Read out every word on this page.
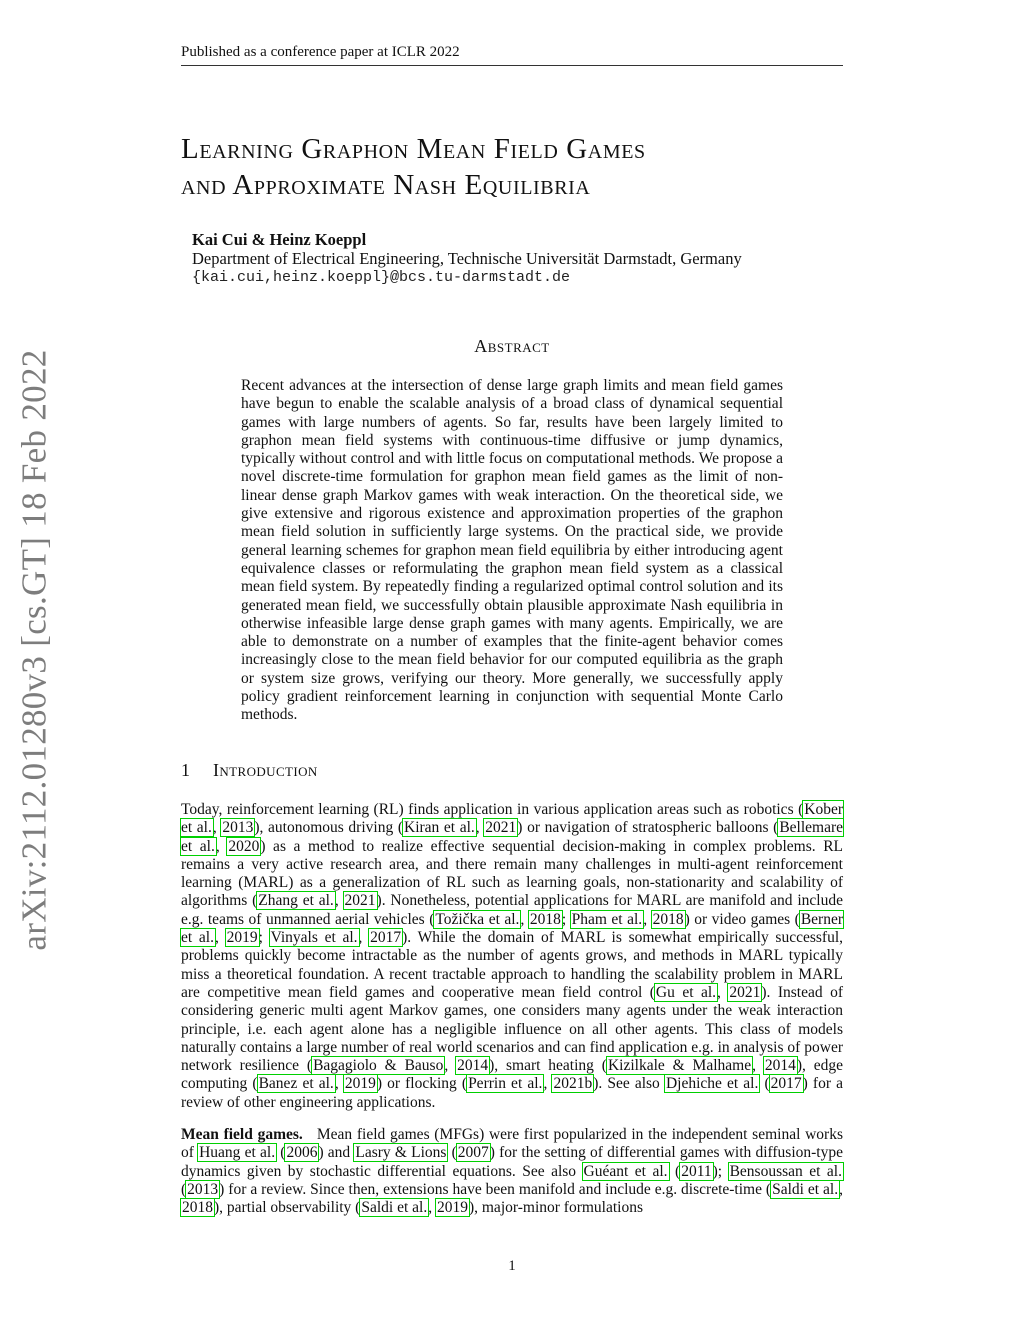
Published as a conference paper at ICLR 2022
arXiv:2112.01280v3 [cs.GT] 18 Feb 2022
Learning Graphon Mean Field Games
and Approximate Nash Equilibria
Kai Cui & Heinz Koeppl
Department of Electrical Engineering, Technische Universität Darmstadt, Germany
{kai.cui,heinz.koeppl}@bcs.tu-darmstadt.de
Abstract
Recent advances at the intersection of dense large graph limits and mean field games have begun to enable the scalable analysis of a broad class of dynamical sequential games with large numbers of agents. So far, results have been largely limited to graphon mean field systems with continuous-time diffusive or jump dynamics, typically without control and with little focus on computational methods. We propose a novel discrete-time formulation for graphon mean field games as the limit of non-linear dense graph Markov games with weak interaction. On the theoretical side, we give extensive and rigorous existence and approximation properties of the graphon mean field solution in sufficiently large systems. On the practical side, we provide general learning schemes for graphon mean field equilibria by either introducing agent equivalence classes or reformulating the graphon mean field system as a classical mean field system. By repeatedly finding a regularized optimal control solution and its generated mean field, we successfully obtain plausible approximate Nash equilibria in otherwise infeasible large dense graph games with many agents. Empirically, we are able to demonstrate on a number of examples that the finite-agent behavior comes increasingly close to the mean field behavior for our computed equilibria as the graph or system size grows, verifying our theory. More generally, we successfully apply policy gradient reinforcement learning in conjunction with sequential Monte Carlo methods.
1 Introduction

Today, reinforcement learning (RL) finds application in various application areas such as robotics (Kober et al., 2013), autonomous driving (Kiran et al., 2021) or navigation of stratospheric balloons (Bellemare et al., 2020) as a method to realize effective sequential decision-making in complex problems. RL remains a very active research area, and there remain many challenges in multi-agent reinforcement learning (MARL) as a generalization of RL such as learning goals, non-stationarity and scalability of algorithms (Zhang et al., 2021). Nonetheless, potential applications for MARL are manifold and include e.g. teams of unmanned aerial vehicles (Tožička et al., 2018; Pham et al., 2018) or video games (Berner et al., 2019; Vinyals et al., 2017). While the domain of MARL is somewhat empirically successful, problems quickly become intractable as the number of agents grows, and methods in MARL typically miss a theoretical foundation. A recent tractable approach to handling the scalability problem in MARL are competitive mean field games and cooperative mean field control (Gu et al., 2021). Instead of considering generic multi agent Markov games, one considers many agents under the weak interaction principle, i.e. each agent alone has a negligible influence on all other agents. This class of models naturally contains a large number of real world scenarios and can find application e.g. in analysis of power network resilience (Bagagiolo & Bauso, 2014), smart heating (Kizilkale & Malhame, 2014), edge computing (Banez et al., 2019) or flocking (Perrin et al., 2021b). See also Djehiche et al. (2017) for a review of other engineering applications.

Mean field games. Mean field games (MFGs) were first popularized in the independent seminal works of Huang et al. (2006) and Lasry & Lions (2007) for the setting of differential games with diffusion-type dynamics given by stochastic differential equations. See also Guéant et al. (2011); Bensoussan et al. (2013) for a review. Since then, extensions have been manifold and include e.g. discrete-time (Saldi et al., 2018), partial observability (Saldi et al., 2019), major-minor formulations

1
